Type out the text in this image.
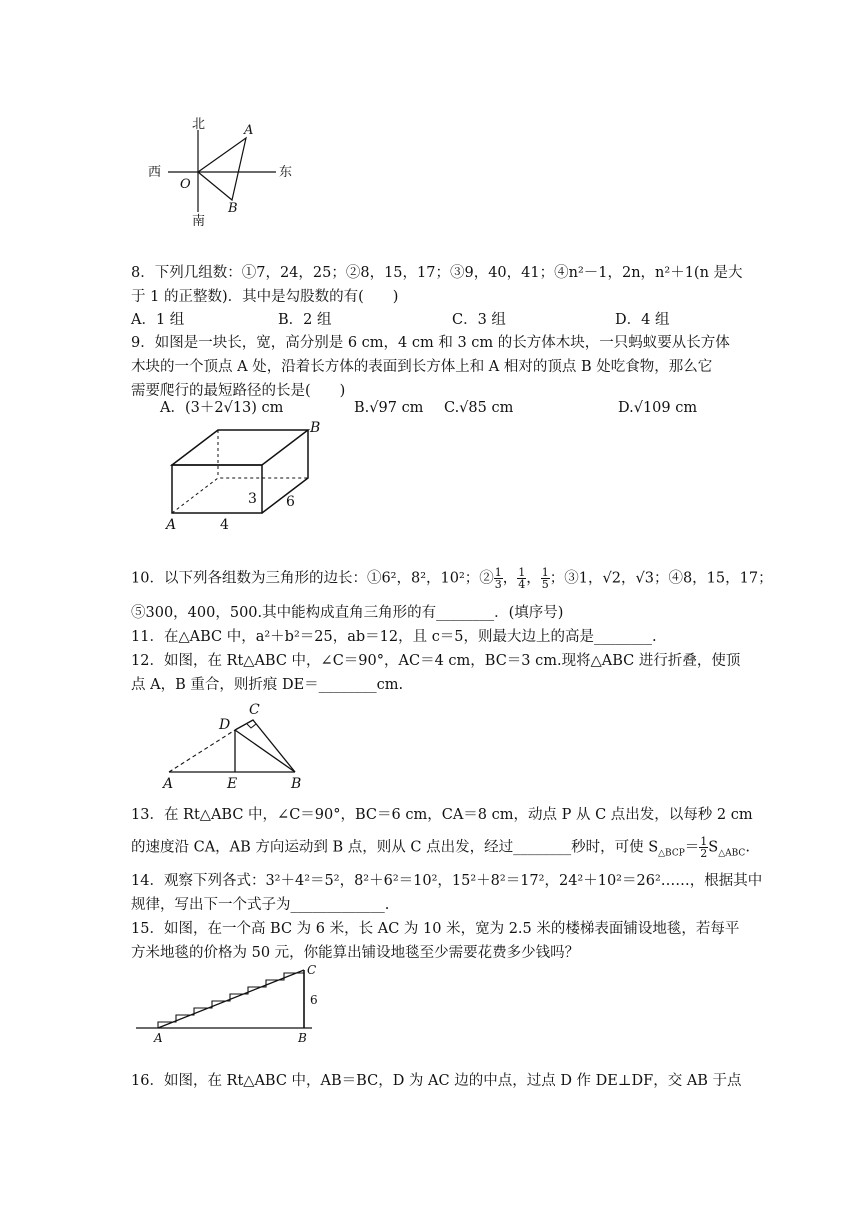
北
南
西	东
O
A
B
8．下列几组数：①7，24，25；②8，15，17；③9，40，41；④n²－1，2n，n²＋1(n 是大
于 1 的正整数)．其中是勾股数的有(　　)
A．1 组	B．2 组	C．3 组	D．4 组
9．如图是一块长，宽，高分别是 6 cm，4 cm 和 3 cm 的长方体木块，一只蚂蚁要从长方体
木块的一个顶点 A 处，沿着长方体的表面到长方体上和 A 相对的顶点 B 处吃食物，那么它
需要爬行的最短路径的长是(　　)
A．(3＋2√13) cm	B.√97 cm C.√85 cm	D.√109 cm
A
B
3
4
6
10．以下列各组数为三角形的边长：①6²，8²，10²；② $\frac{1}{3}$ ， $\frac{1}{4}$ ， $\frac{1}{5}$ ；③1，√2，√3；④8，15，17；
⑤300，400，500.其中能构成直角三角形的有________．(填序号)
11．在△ABC 中，a²＋b²＝25，ab＝12，且 c＝5，则最大边上的高是________.
12．如图，在 Rt△ABC 中，∠C＝90°，AC＝4 cm，BC＝3 cm.现将△ABC 进行折叠，使顶
点 A，B 重合，则折痕 DE＝________cm.
A	B
C
D
E
13．在 Rt△ABC 中，∠C＝90°，BC＝6 cm，CA＝8 cm，动点 P 从 C 点出发，以每秒 2 cm
的速度沿 CA，AB 方向运动到 B 点，则从 C 点出发，经过________秒时，可使 $S_{\triangle BCP}= \frac{1}{2} S_{\triangle ABC}$.
14．观察下列各式：3²＋4²＝5²，8²＋6²＝10²，15²＋8²＝17²，24²＋10²＝26²……，根据其中
规律，写出下一个式子为_____________.
15．如图，在一个高 BC 为 6 米，长 AC 为 10 米，宽为 2.5 米的楼梯表面铺设地毯，若每平
方米地毯的价格为 50 元，你能算出铺设地毯至少需要花费多少钱吗？
A	B
C
6
16．如图，在 Rt△ABC 中，AB＝BC，D 为 AC 边的中点，过点 D 作 DE⊥DF，交 AB 于点
